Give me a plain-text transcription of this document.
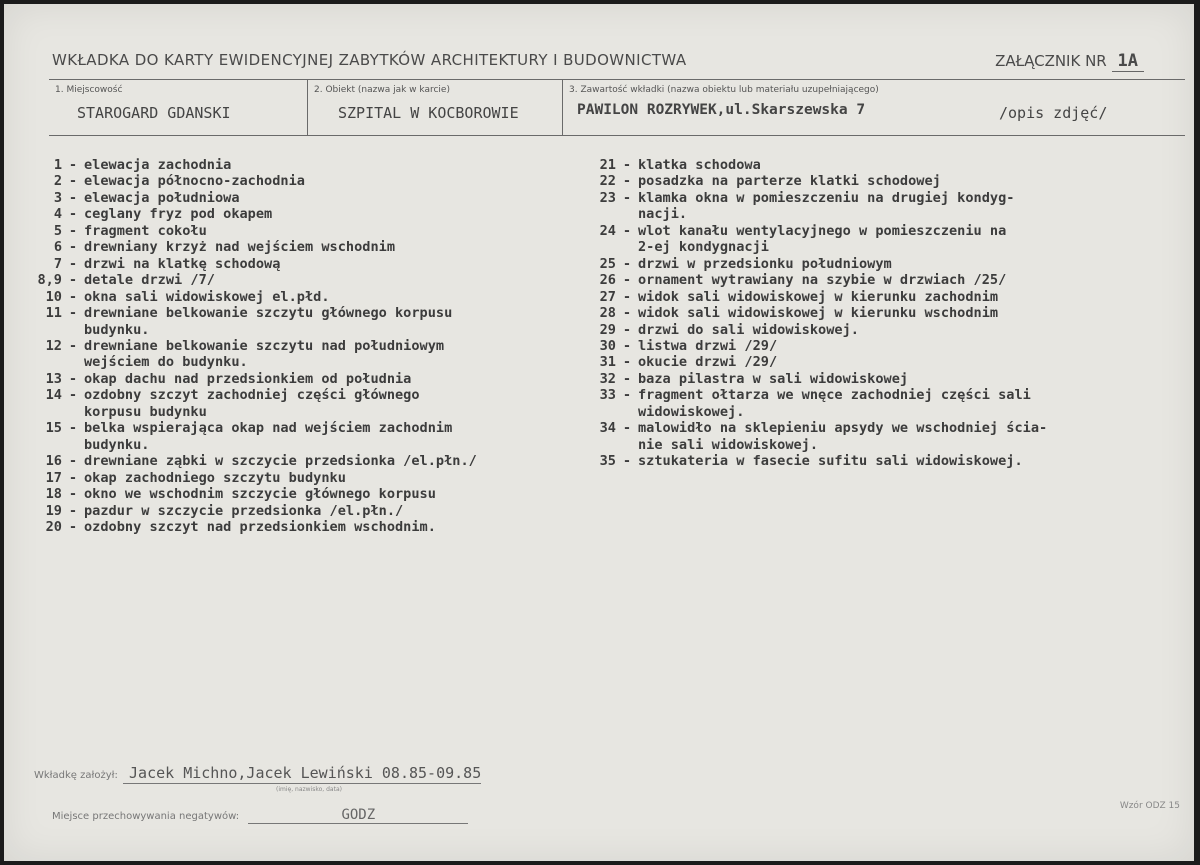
WKŁADKA DO KARTY EWIDENCYJNEJ ZABYTKÓW ARCHITEKTURY I BUDOWNICTWA	ZAŁĄCZNIK NR 1A
1. Miejscowość
STAROGARD GDANSKI
2. Obiekt (nazwa jak w karcie)
SZPITAL W KOCBOROWIE
3. Zawartość wkładki (nazwa obiektu lub materiału uzupełniającego)
PAWILON ROZRYWEK,ul.Skarszewska 7	/opis zdjęć/
1 - elewacja zachodnia
2 - elewacja północno-zachodnia
3 - elewacja południowa
4 - ceglany fryz pod okapem
5 - fragment cokołu
6 - drewniany krzyż nad wejściem wschodnim
7 - drzwi na klatkę schodową
8,9 - detale drzwi /7/
10 - okna sali widowiskowej el.płd.
11 - drewniane belkowanie szczytu głównego korpusu
budynku.
12 - drewniane belkowanie szczytu nad południowym
wejściem do budynku.
13 - okap dachu nad przedsionkiem od południa
14 - ozdobny szczyt zachodniej części głównego
korpusu budynku
15 - belka wspierająca okap nad wejściem zachodnim
budynku.
16 - drewniane ząbki w szczycie przedsionka /el.płn./
17 - okap zachodniego szczytu budynku
18 - okno we wschodnim szczycie głównego korpusu
19 - pazdur w szczycie przedsionka /el.płn./
20 - ozdobny szczyt nad przedsionkiem wschodnim.
21 - klatka schodowa
22 - posadzka na parterze klatki schodowej
23 - klamka okna w pomieszczeniu na drugiej kondyg-
nacji.
24 - wlot kanału wentylacyjnego w pomieszczeniu na
2-ej kondygnacji
25 - drzwi w przedsionku południowym
26 - ornament wytrawiany na szybie w drzwiach /25/
27 - widok sali widowiskowej w kierunku zachodnim
28 - widok sali widowiskowej w kierunku wschodnim
29 - drzwi do sali widowiskowej.
30 - listwa drzwi /29/
31 - okucie drzwi /29/
32 - baza pilastra w sali widowiskowej
33 - fragment ołtarza we wnęce zachodniej części sali
widowiskowej.
34 - malowidło na sklepieniu apsydy we wschodniej ścia-
nie sali widowiskowej.
35 - sztukateria w fasecie sufitu sali widowiskowej.
Wkładkę założył: Jacek Michno,Jacek Lewiński 08.85-09.85
(imię, nazwisko, data)
Miejsce przechowywania negatywów:	GODZ
Wzór ODZ 15
